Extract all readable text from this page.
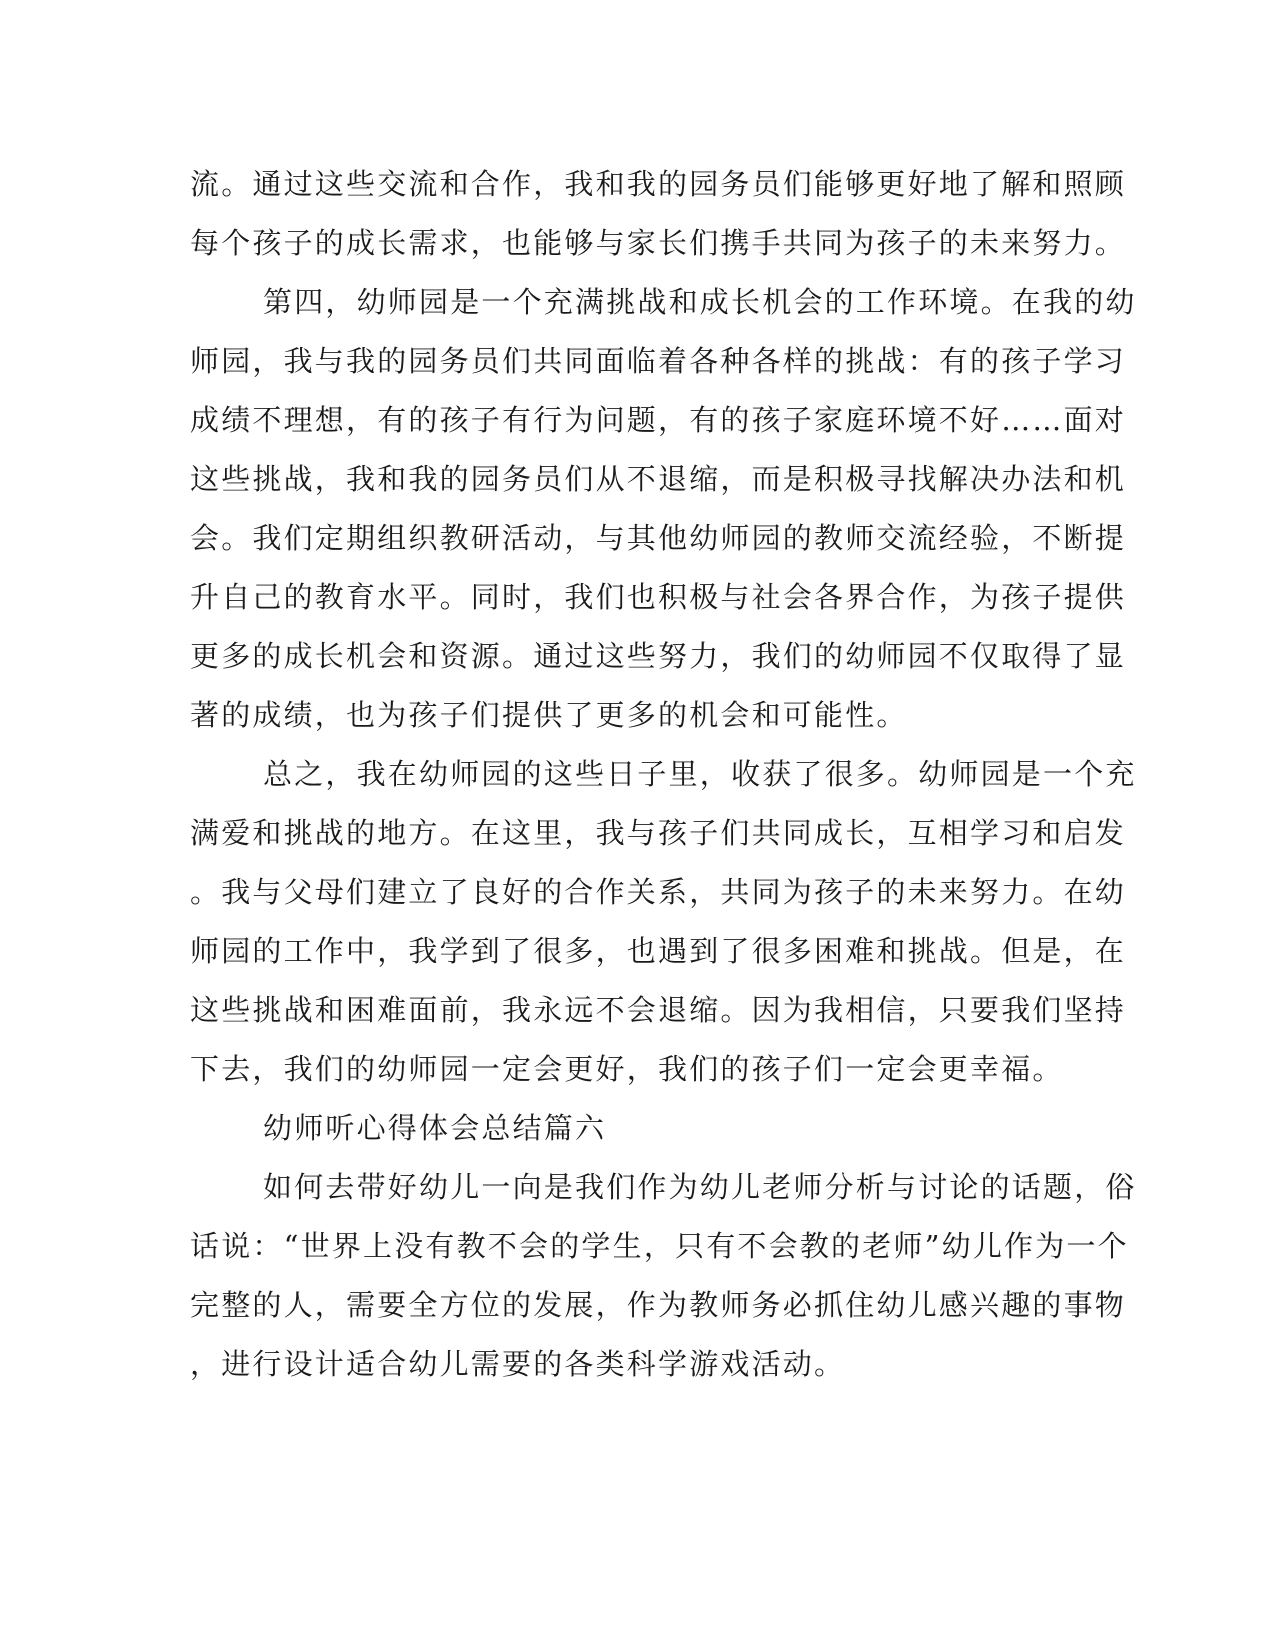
流。通过这些交流和合作，我和我的园务员们能够更好地了解和照顾
每个孩子的成长需求，也能够与家长们携手共同为孩子的未来努力。
第四，幼师园是一个充满挑战和成长机会的工作环境。在我的幼
师园，我与我的园务员们共同面临着各种各样的挑战：有的孩子学习
成绩不理想，有的孩子有行为问题，有的孩子家庭环境不好……面对
这些挑战，我和我的园务员们从不退缩，而是积极寻找解决办法和机
会。我们定期组织教研活动，与其他幼师园的教师交流经验，不断提
升自己的教育水平。同时，我们也积极与社会各界合作，为孩子提供
更多的成长机会和资源。通过这些努力，我们的幼师园不仅取得了显
著的成绩，也为孩子们提供了更多的机会和可能性。
总之，我在幼师园的这些日子里，收获了很多。幼师园是一个充
满爱和挑战的地方。在这里，我与孩子们共同成长，互相学习和启发
。我与父母们建立了良好的合作关系，共同为孩子的未来努力。在幼
师园的工作中，我学到了很多，也遇到了很多困难和挑战。但是，在
这些挑战和困难面前，我永远不会退缩。因为我相信，只要我们坚持
下去，我们的幼师园一定会更好，我们的孩子们一定会更幸福。
幼师听心得体会总结篇六
如何去带好幼儿一向是我们作为幼儿老师分析与讨论的话题，俗
话说：“世界上没有教不会的学生，只有不会教的老师”幼儿作为一个
完整的人，需要全方位的发展，作为教师务必抓住幼儿感兴趣的事物
，进行设计适合幼儿需要的各类科学游戏活动。
